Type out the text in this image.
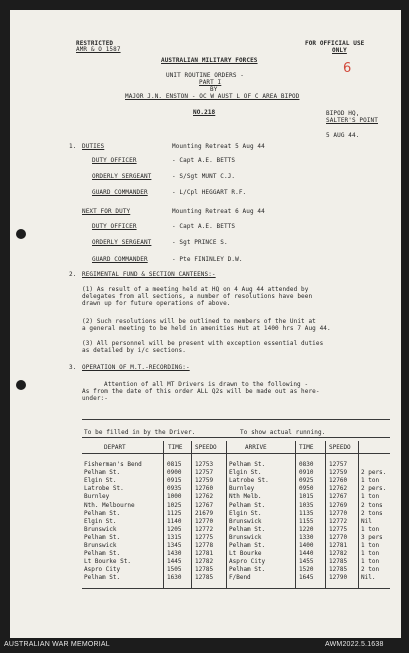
RESTRICTED
AMR & O 1587
AUSTRALIAN MILITARY FORCES
FOR OFFICIAL USE
ONLY
6
UNIT ROUTINE ORDERS -
PART I
BY
MAJOR J.N. ENSTON - OC W AUST L OF C AREA BIPOD
NO.218	BIPOD HQ,
SALTER'S POINT
5 AUG 44.
1. DUTIES	Mounting Retreat 5 Aug 44
DUTY OFFICER	- Capt A.E. BETTS
ORDERLY SERGEANT	- S/Sgt MUNT C.J.
GUARD COMMANDER	- L/Cpl HEGGART R.F.
NEXT FOR DUTY	Mounting Retreat 6 Aug 44
DUTY OFFICER	- Capt A.E. BETTS
ORDERLY SERGEANT	- Sgt PRINCE S.
GUARD COMMANDER	- Pte FININLEY D.W.
2. REGIMENTAL FUND & SECTION CANTEENS:-
(1) As result of a meeting held at HQ on 4 Aug 44 attended by
delegates from all sections, a number of resolutions have been
drawn up for future operations of above.
(2) Such resolutions will be outlined to members of the Unit at
a general meeting to be held in amenities Hut at 1400 hrs 7 Aug 44.
(3) All personnel will be present with exception essential duties
as detailed by i/c sections.
3. OPERATION OF M.T.-RECORDING:-
Attention of all MT Drivers is drawn to the following -
As from the date of this order ALL Q2s will be made out as here-
under:-
To be filled in by the Driver.	To show actual running.
DEPART	TIME SPEEDO	ARRIVE	TIME	SPEEDO
Fisherman's Bend	0815 12753	Pelham St.	0830	12757
Pelham St.	0900 12757	Elgin St.	0910	12759 2 pers.
Elgin St.	0915 12759	Latrobe St.	0925	12760 1 ton
Latrobe St.	0935 12760	Burnley	0950	12762 2 pers.
Burnley	1000 12762	Nth Melb.	1015	12767 1 ton
Nth. Melbourne	1025 12767	Pelham St.	1035	12769 2 tons
Pelham St.	1125 21679	Elgin St.	1135	12770 2 tons
Elgin St.	1140 12770	Brunswick	1155	12772 Nil
Brunswick	1205 12772	Pelham St.	1220	12775 1 ton
Pelham St.	1315 12775	Brunswick	1330	12770 3 pers
Brunswick	1345 12778	Pelham St.	1400	12781 1 ton
Pelham St.	1430 12781	Lt Bourke	1440	12782 1 ton
Lt Bourke St.	1445 12782	Aspro City	1455	12785 1 ton
Aspro City	1505 12785	Pelham St.	1520	12785 2 ton
Pelham St.	1630 12785	F/Bend	1645	12790 Nil.
AUSTRALIAN WAR MEMORIAL	AWM2022.5.1638
